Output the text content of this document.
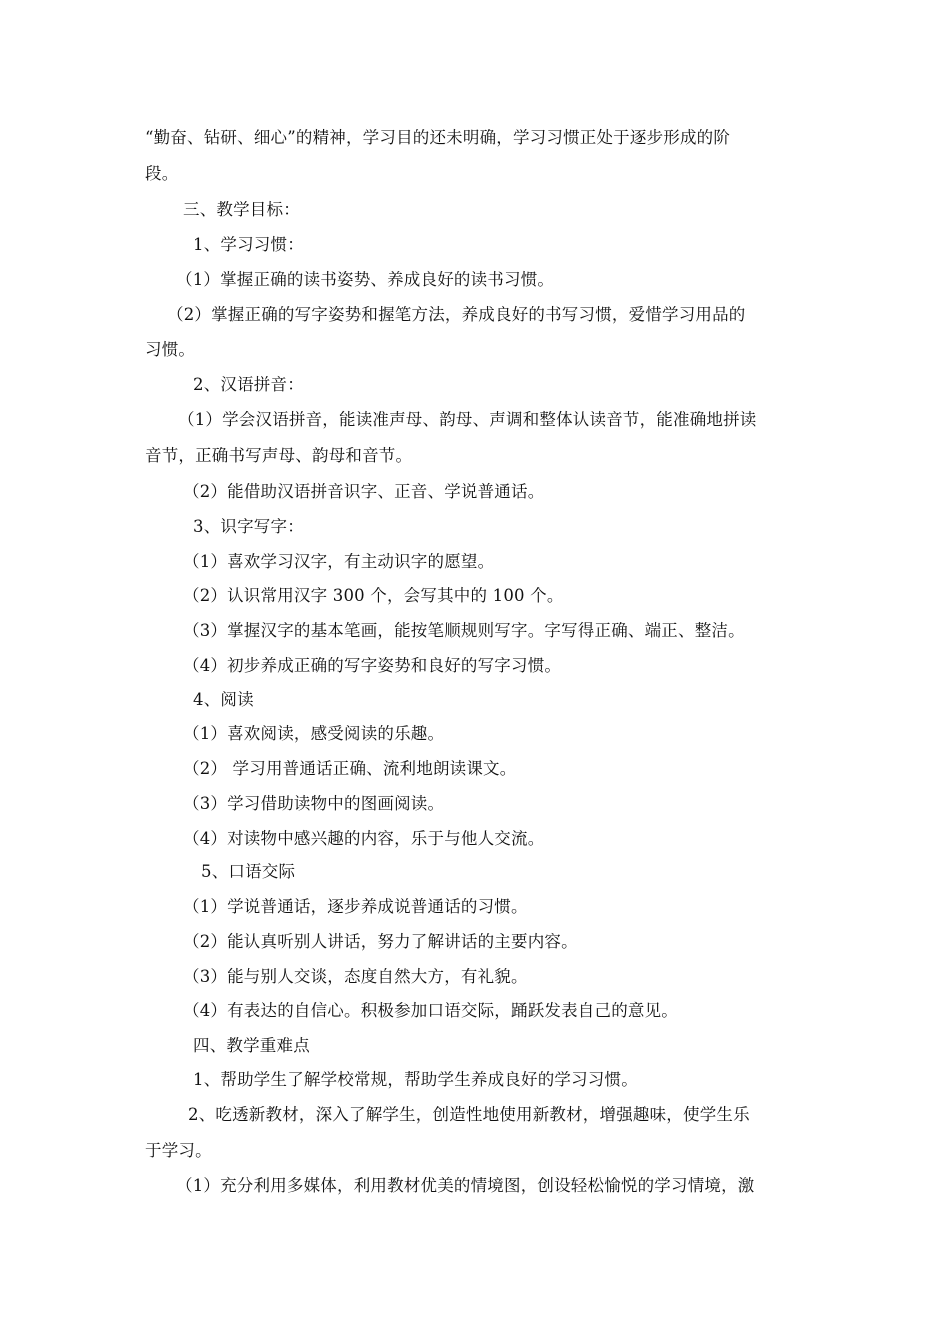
“勤奋、钻研、细心”的精神，学习目的还未明确，学习习惯正处于逐步形成的阶
段。
三、教学目标：
1、学习习惯：
（1）掌握正确的读书姿势、养成良好的读书习惯。
（2）掌握正确的写字姿势和握笔方法，养成良好的书写习惯，爱惜学习用品的
习惯。
2、汉语拼音：
（1）学会汉语拼音，能读准声母、韵母、声调和整体认读音节，能准确地拼读
音节，正确书写声母、韵母和音节。
（2）能借助汉语拼音识字、正音、学说普通话。
3、识字写字：
（1）喜欢学习汉字，有主动识字的愿望。
（2）认识常用汉字 300 个，会写其中的 100 个。
（3）掌握汉字的基本笔画，能按笔顺规则写字。字写得正确、端正、整洁。
（4）初步养成正确的写字姿势和良好的写字习惯。
4、阅读
（1）喜欢阅读，感受阅读的乐趣。
（2） 学习用普通话正确、流利地朗读课文。
（3）学习借助读物中的图画阅读。
（4）对读物中感兴趣的内容，乐于与他人交流。
5、口语交际
（1）学说普通话，逐步养成说普通话的习惯。
（2）能认真听别人讲话，努力了解讲话的主要内容。
（3）能与别人交谈，态度自然大方，有礼貌。
（4）有表达的自信心。积极参加口语交际，踊跃发表自己的意见。
四、教学重难点
1、帮助学生了解学校常规，帮助学生养成良好的学习习惯。
2、吃透新教材，深入了解学生，创造性地使用新教材，增强趣味，使学生乐
于学习。
（1）充分利用多媒体，利用教材优美的情境图，创设轻松愉悦的学习情境，激
